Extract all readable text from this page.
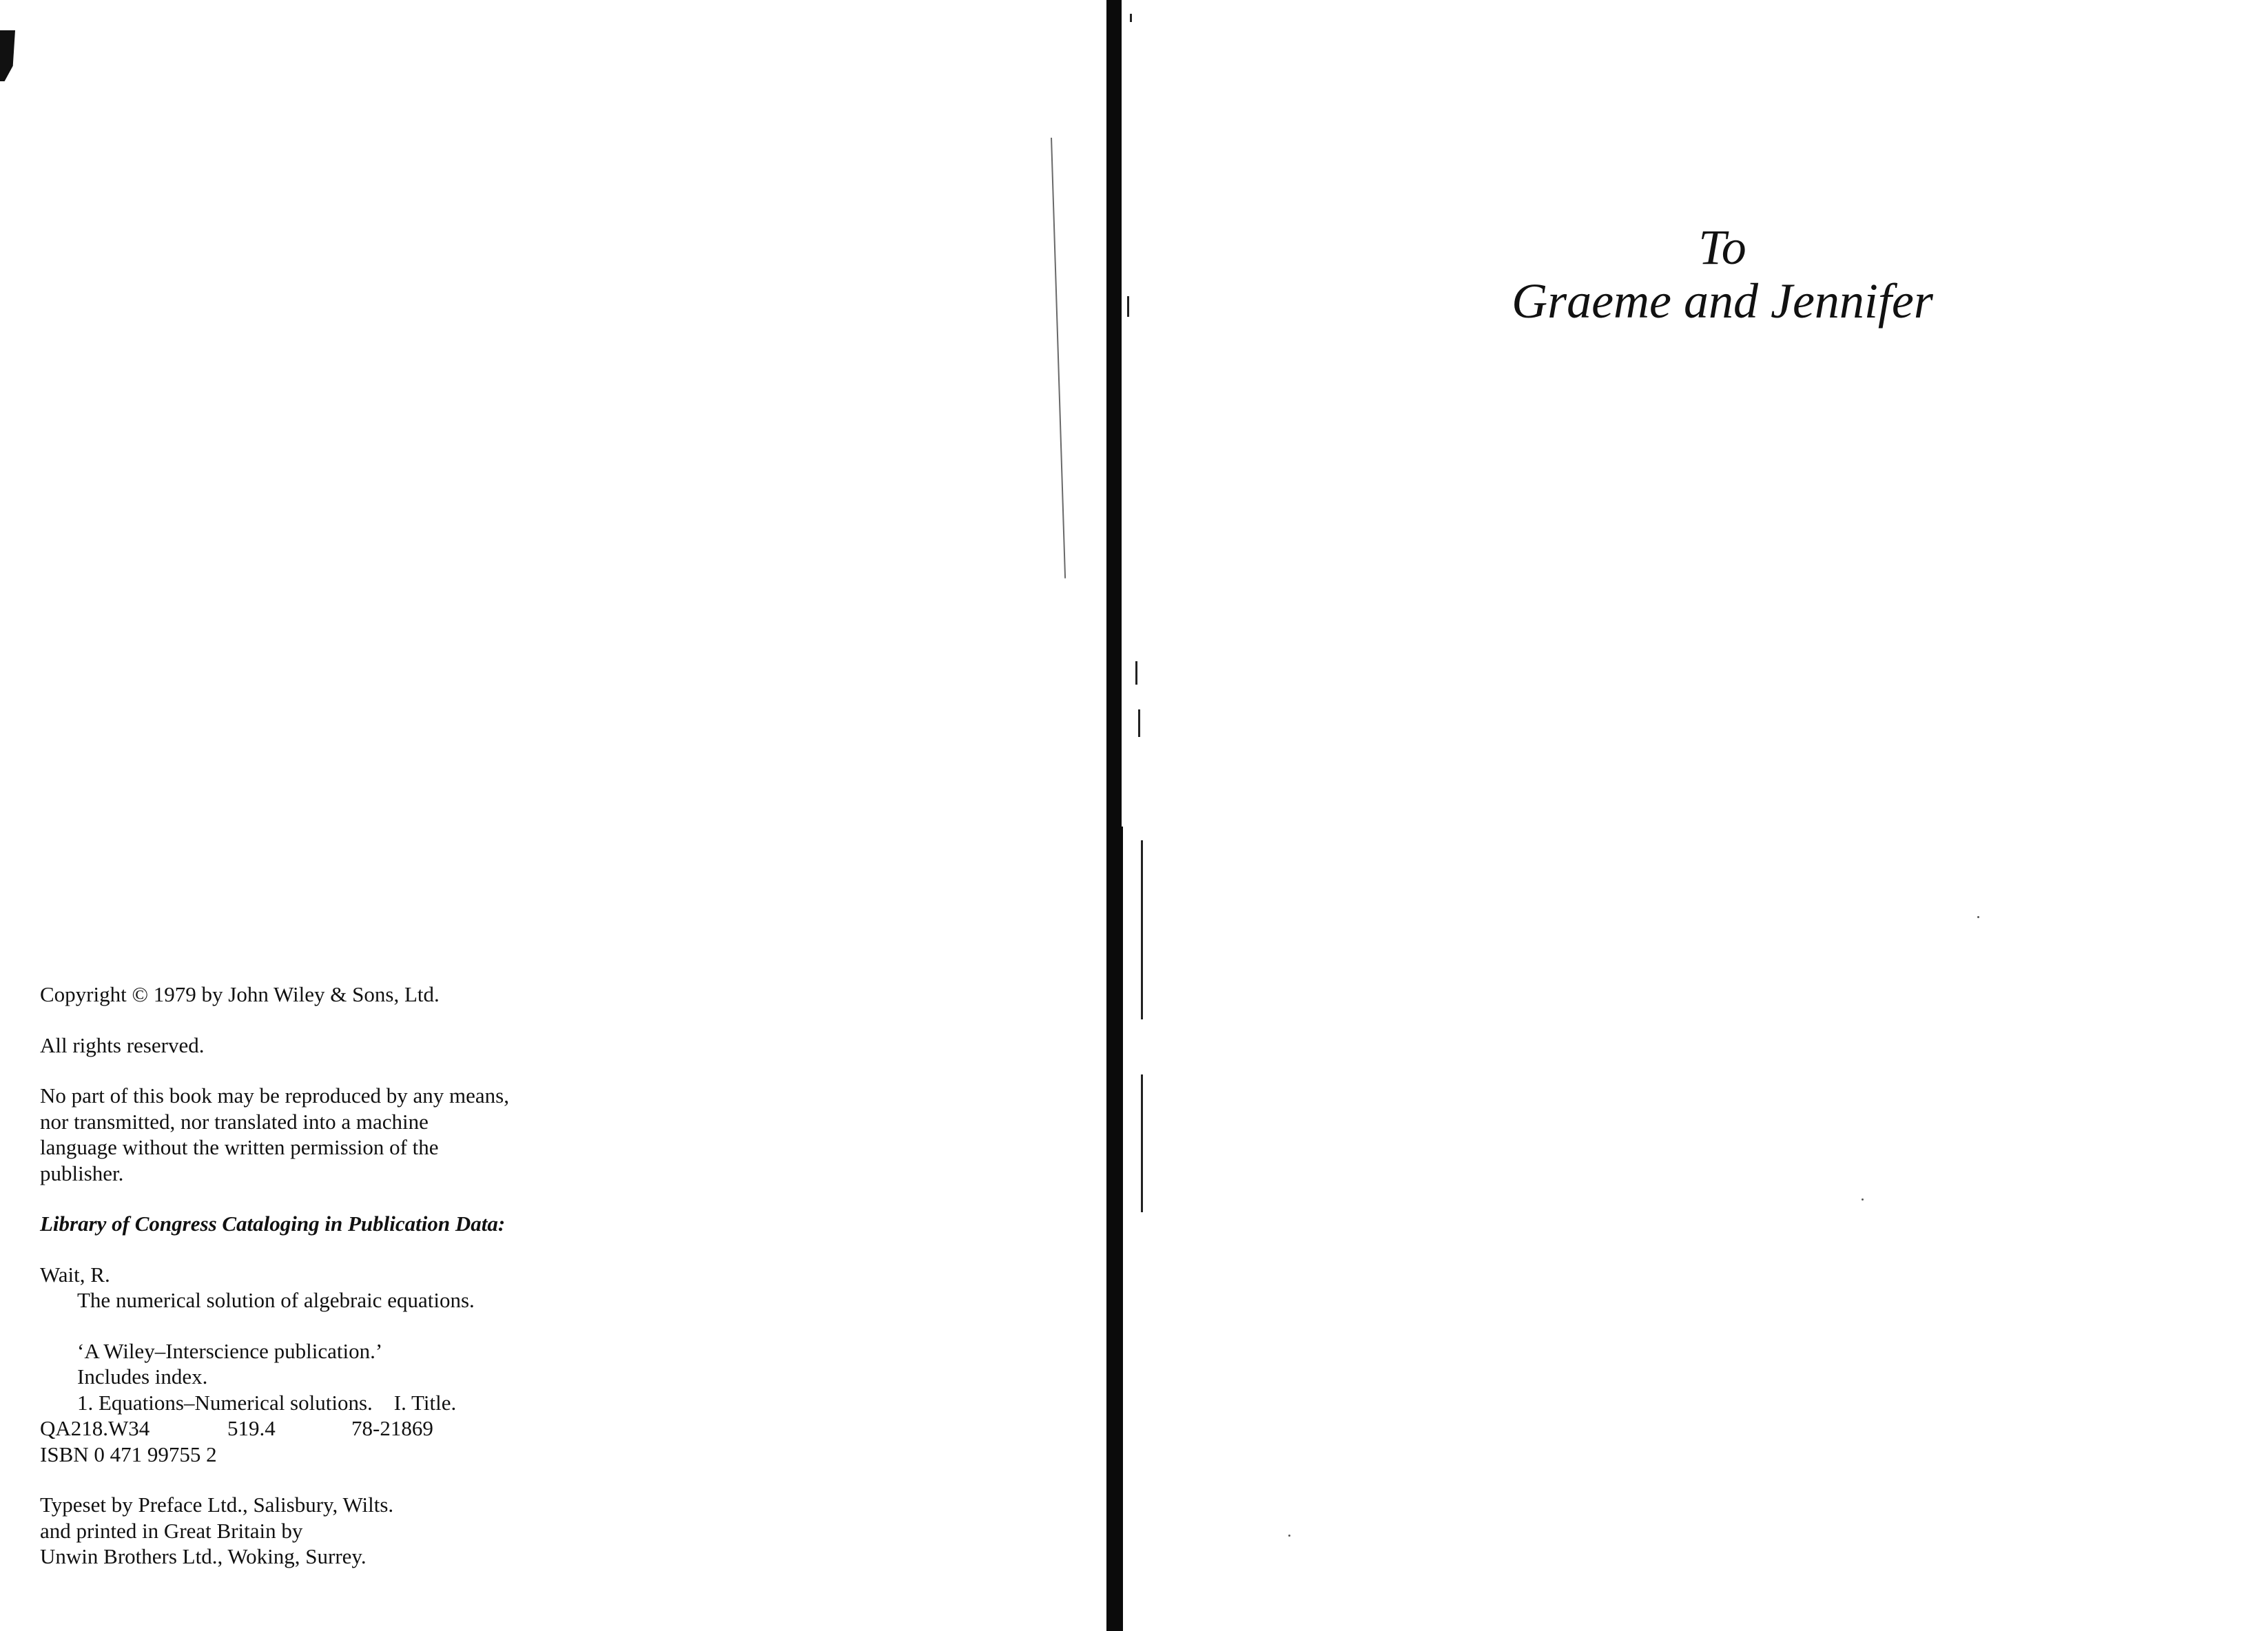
Copyright © 1979 by John Wiley & Sons, Ltd.

All rights reserved.

No part of this book may be reproduced by any means,
nor transmitted, nor translated into a machine
language without the written permission of the
publisher.

Library of Congress Cataloging in Publication Data:

Wait, R.
The numerical solution of algebraic equations.

‘A Wiley–Interscience publication.’
Includes index.
1. Equations–Numerical solutions.    I. Title.
QA218.W34	519.4	78-21869
ISBN 0 471 99755 2

Typeset by Preface Ltd., Salisbury, Wilts.
and printed in Great Britain by
Unwin Brothers Ltd., Woking, Surrey.

To
Graeme and Jennifer
